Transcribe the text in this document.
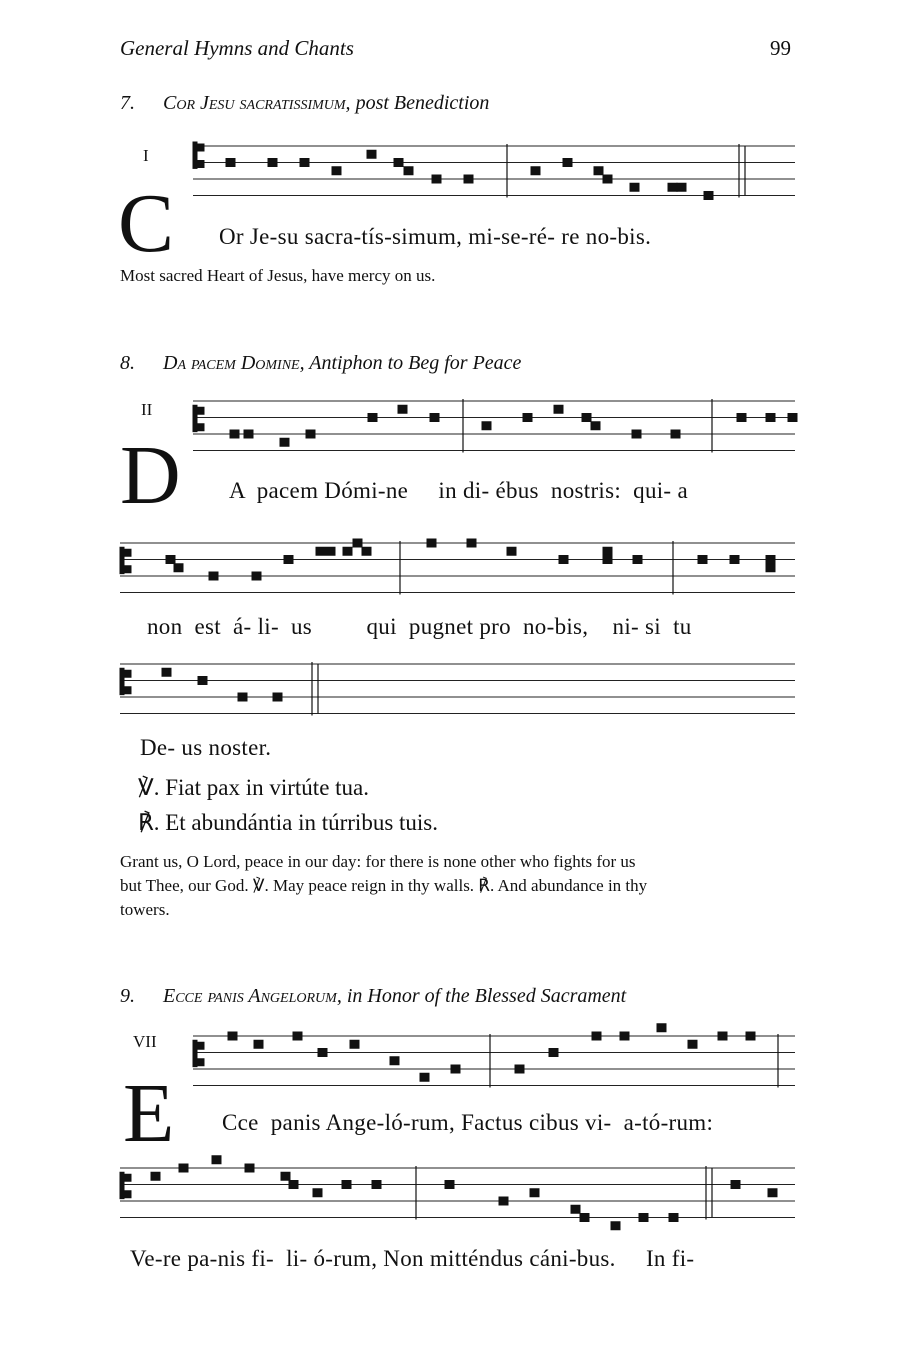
General Hymns and Chants	99
7. Cor Jesu sacratissimum, post Benediction
I
C Or Je-su sacra-tís-simum, mi-se-ré- re no-bis.
Most sacred Heart of Jesus, have mercy on us.
8. Da pacem Domine, Antiphon to Beg for Peace
II
D A  pacem Dómi-ne     in di- ébus  nostris:  qui- a
non  est  á- li-  us         qui  pugnet pro  no-bis,    ni- si  tu
De- us noster.
℣. Fiat pax in virtúte tua.
℟. Et abundántia in túrribus tuis.
Grant us, O Lord, peace in our day: for there is none other who fights for us
but Thee, our God. ℣. May peace reign in thy walls. ℟. And abundance in thy
towers.
9. Ecce panis Angelorum, in Honor of the Blessed Sacrament
VII
E Cce  panis Ange-ló-rum, Factus cibus vi-  a-tó-rum:
Ve-re pa-nis fi-  li- ó-rum, Non mitténdus cáni-bus.     In fi-
